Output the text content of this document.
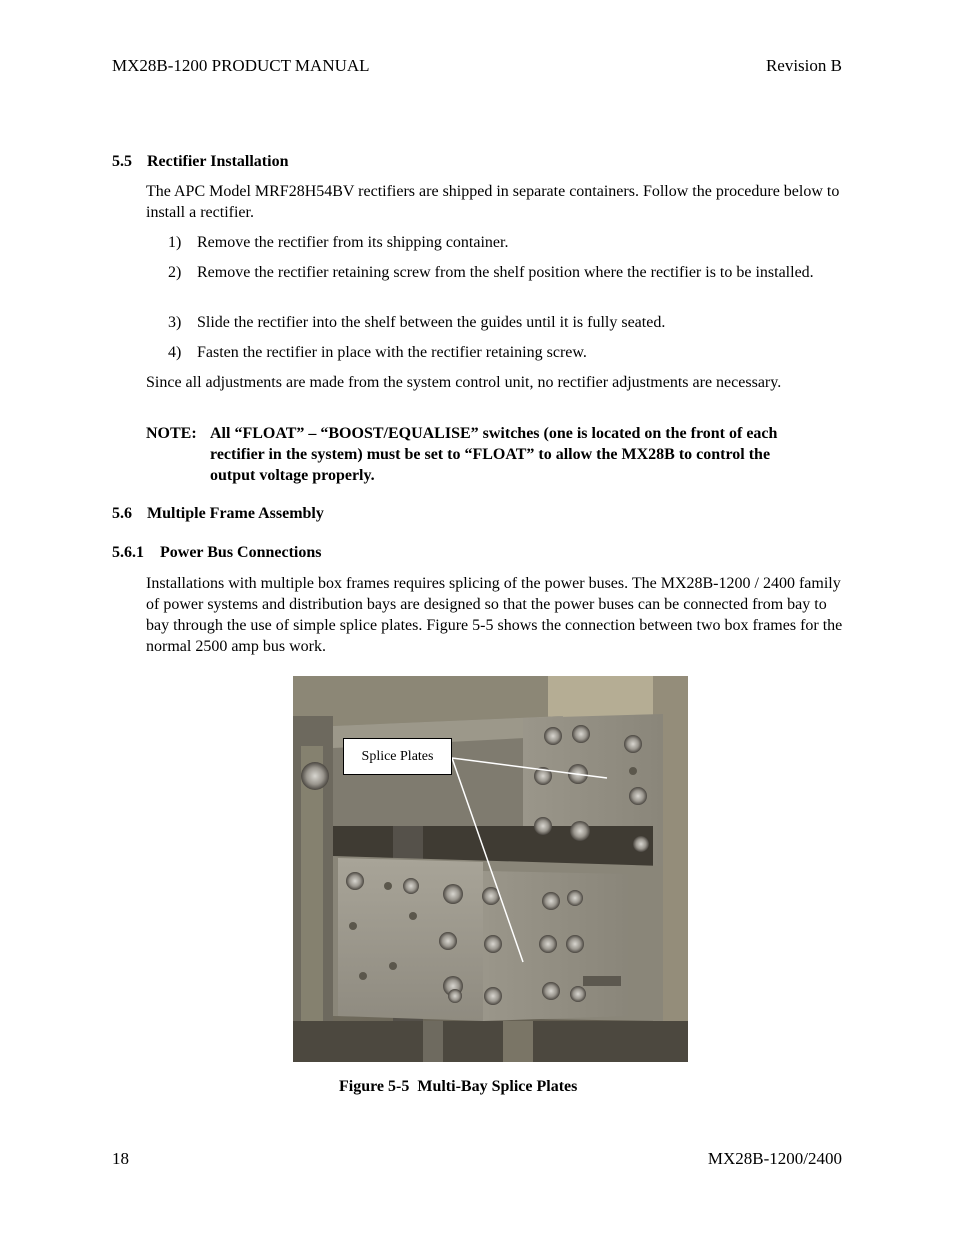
MX28B-1200 PRODUCT MANUAL	Revision B
5.5 Rectifier Installation
The APC Model MRF28H54BV rectifiers are shipped in separate containers. Follow the procedure below to install a rectifier.
1) Remove the rectifier from its shipping container.
2) Remove the rectifier retaining screw from the shelf position where the rectifier is to be installed.
3) Slide the rectifier into the shelf between the guides until it is fully seated.
4) Fasten the rectifier in place with the rectifier retaining screw.
Since all adjustments are made from the system control unit, no rectifier adjustments are necessary.
NOTE: All “FLOAT” – “BOOST/EQUALISE” switches (one is located on the front of each rectifier in the system) must be set to “FLOAT” to allow the MX28B to control the output voltage properly.
5.6 Multiple Frame Assembly
5.6.1 Power Bus Connections
Installations with multiple box frames requires splicing of the power buses. The MX28B-1200 / 2400 family of power systems and distribution bays are designed so that the power buses can be connected from bay to bay through the use of simple splice plates. Figure 5-5 shows the connection between two box frames for the normal 2500 amp bus work.
Splice Plates
Figure 5-5  Multi-Bay Splice Plates
18	MX28B-1200/2400
